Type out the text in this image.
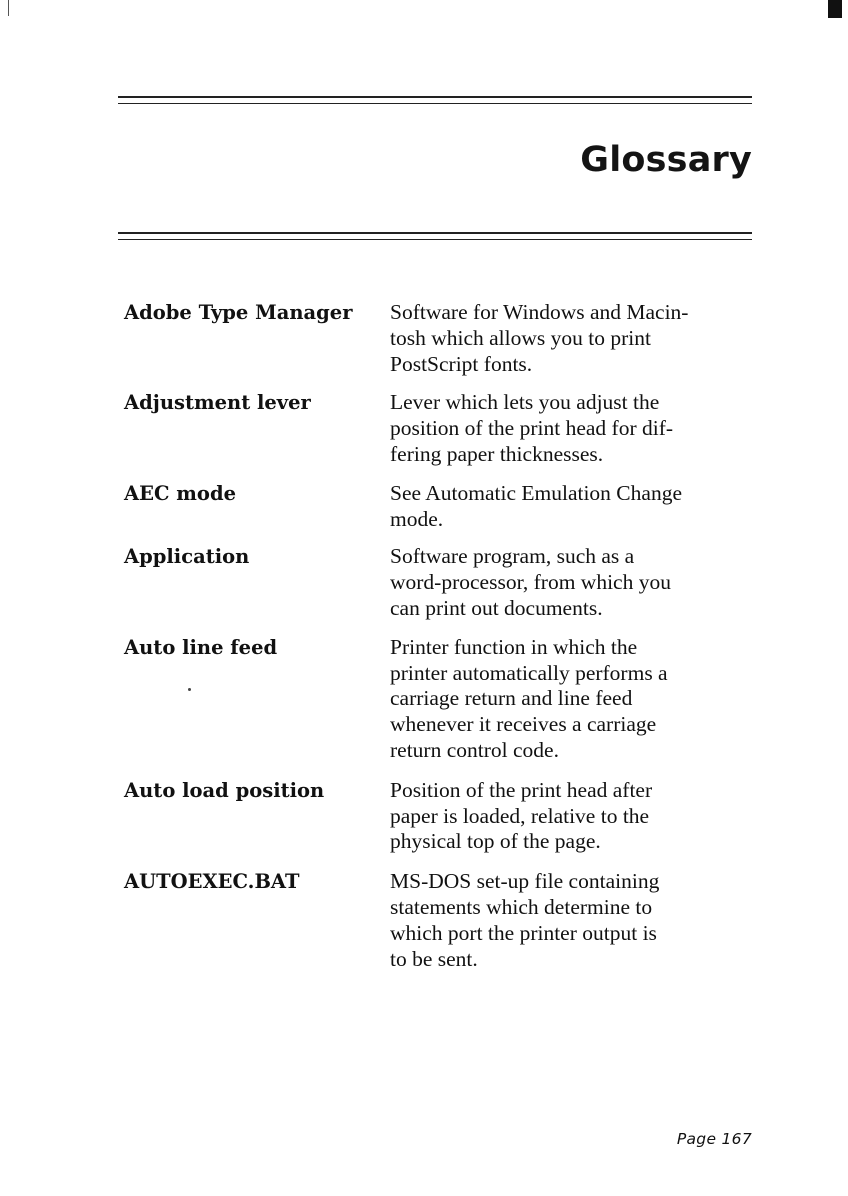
Glossary
Adobe Type Manager	Software for Windows and Macin-
tosh which allows you to print
PostScript fonts.
Adjustment lever	Lever which lets you adjust the
position of the print head for dif-
fering paper thicknesses.
AEC mode	See Automatic Emulation Change
mode.
Application	Software program, such as a
word-processor, from which you
can print out documents.
Auto line feed	Printer function in which the
printer automatically performs a
carriage return and line feed
whenever it receives a carriage
return control code.
Auto load position	Position of the print head after
paper is loaded, relative to the
physical top of the page.
AUTOEXEC.BAT	MS-DOS set-up file containing
statements which determine to
which port the printer output is
to be sent.
Page 167
